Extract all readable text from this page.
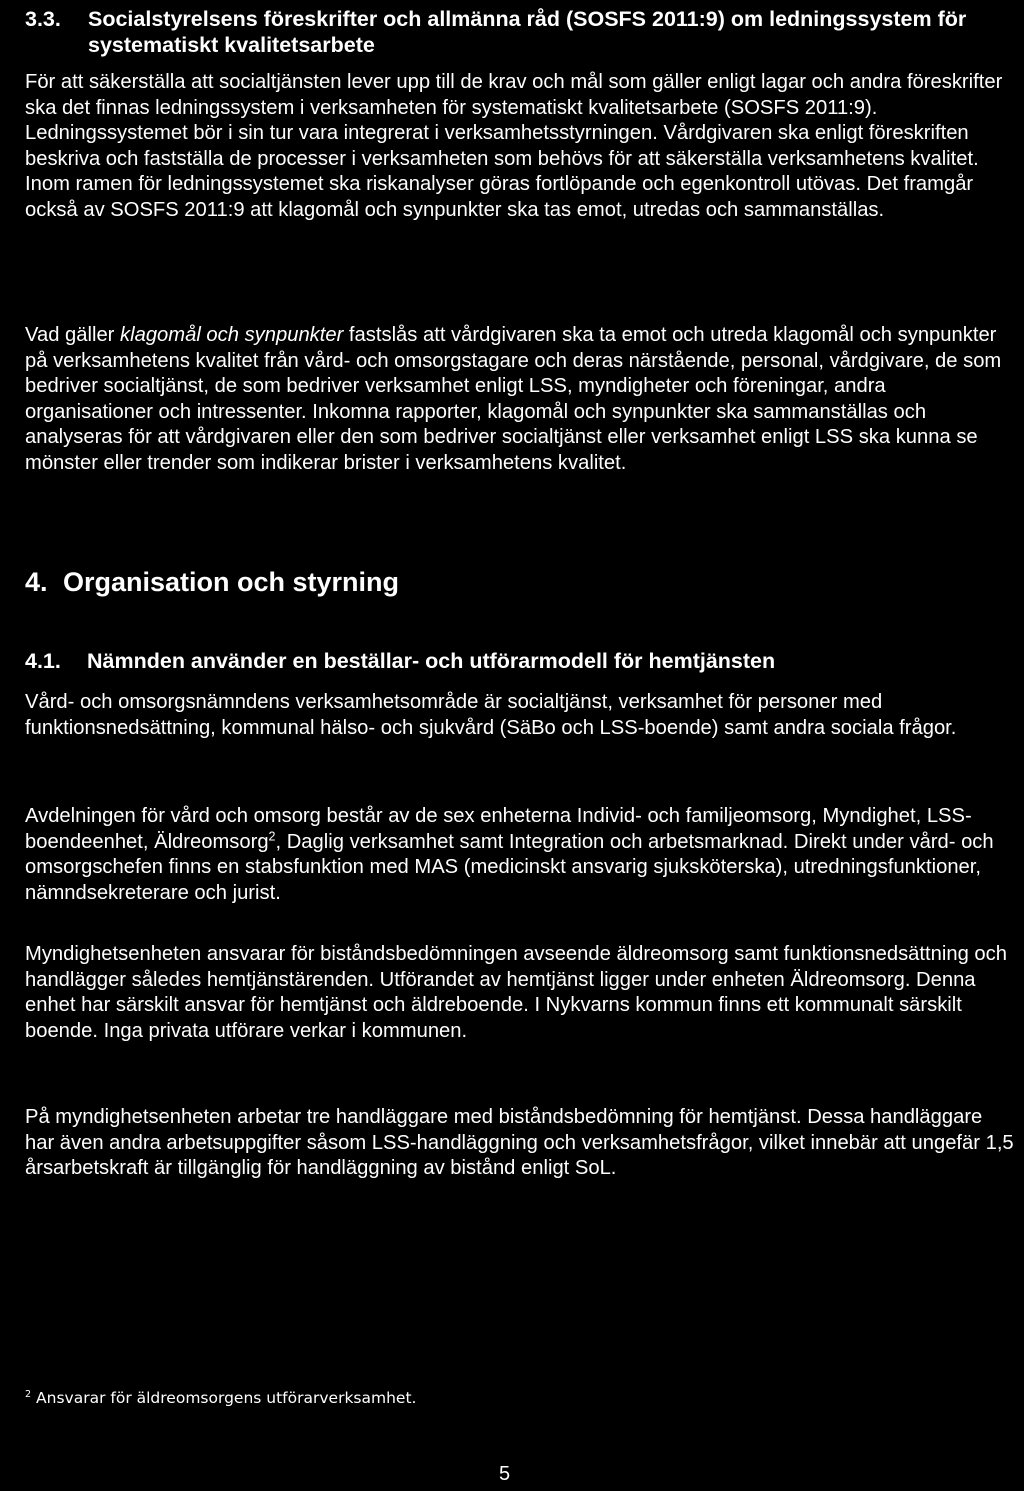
3.3. Socialstyrelsens föreskrifter och allmänna råd (SOSFS 2011:9) om ledningssystem för systematiskt kvalitetsarbete

För att säkerställa att socialtjänsten lever upp till de krav och mål som gäller enligt lagar och andra föreskrifter ska det finnas ledningssystem i verksamheten för systematiskt kvalitetsarbete (SOSFS 2011:9). Ledningssystemet bör i sin tur vara integrerat i verksamhetsstyrningen. Vårdgivaren ska enligt föreskriften beskriva och fastställa de processer i verksamheten som behövs för att säkerställa verksamhetens kvalitet. Inom ramen för ledningssystemet ska riskanalyser göras fortlöpande och egenkontroll utövas. Det framgår också av SOSFS 2011:9 att klagomål och synpunkter ska tas emot, utredas och sammanställas.

Vad gäller klagomål och synpunkter fastslås att vårdgivaren ska ta emot och utreda klagomål och synpunkter på verksamhetens kvalitet från vård- och omsorgstagare och deras närstående, personal, vårdgivare, de som bedriver socialtjänst, de som bedriver verksamhet enligt LSS, myndigheter och föreningar, andra organisationer och intressenter. Inkomna rapporter, klagomål och synpunkter ska sammanställas och analyseras för att vårdgivaren eller den som bedriver socialtjänst eller verksamhet enligt LSS ska kunna se mönster eller trender som indikerar brister i verksamhetens kvalitet.

4. Organisation och styrning
4.1. Nämnden använder en beställar- och utförarmodell för hemtjänsten

Vård- och omsorgsnämndens verksamhetsområde är socialtjänst, verksamhet för personer med funktionsnedsättning, kommunal hälso- och sjukvård (SäBo och LSS-boende) samt andra sociala frågor.

Avdelningen för vård och omsorg består av de sex enheterna Individ- och familjeomsorg, Myndighet, LSS-boendeenhet, Äldreomsorg$^2$, Daglig verksamhet samt Integration och arbetsmarknad. Direkt under vård- och omsorgschefen finns en stabsfunktion med MAS (medicinskt ansvarig sjuksköterska), utredningsfunktioner, nämndsekreterare och jurist.

Myndighetsenheten ansvarar för biståndsbedömningen avseende äldreomsorg samt funktionsnedsättning och handlägger således hemtjänstärenden. Utförandet av hemtjänst ligger under enheten Äldreomsorg. Denna enhet har särskilt ansvar för hemtjänst och äldreboende. I Nykvarns kommun finns ett kommunalt särskilt boende. Inga privata utförare verkar i kommunen.

På myndighetsenheten arbetar tre handläggare med biståndsbedömning för hemtjänst. Dessa handläggare har även andra arbetsuppgifter såsom LSS-handläggning och verksamhetsfrågor, vilket innebär att ungefär 1,5 årsarbetskraft är tillgänglig för handläggning av bistånd enligt SoL.

$^2$ Ansvarar för äldreomsorgens utförarverksamhet.
5
